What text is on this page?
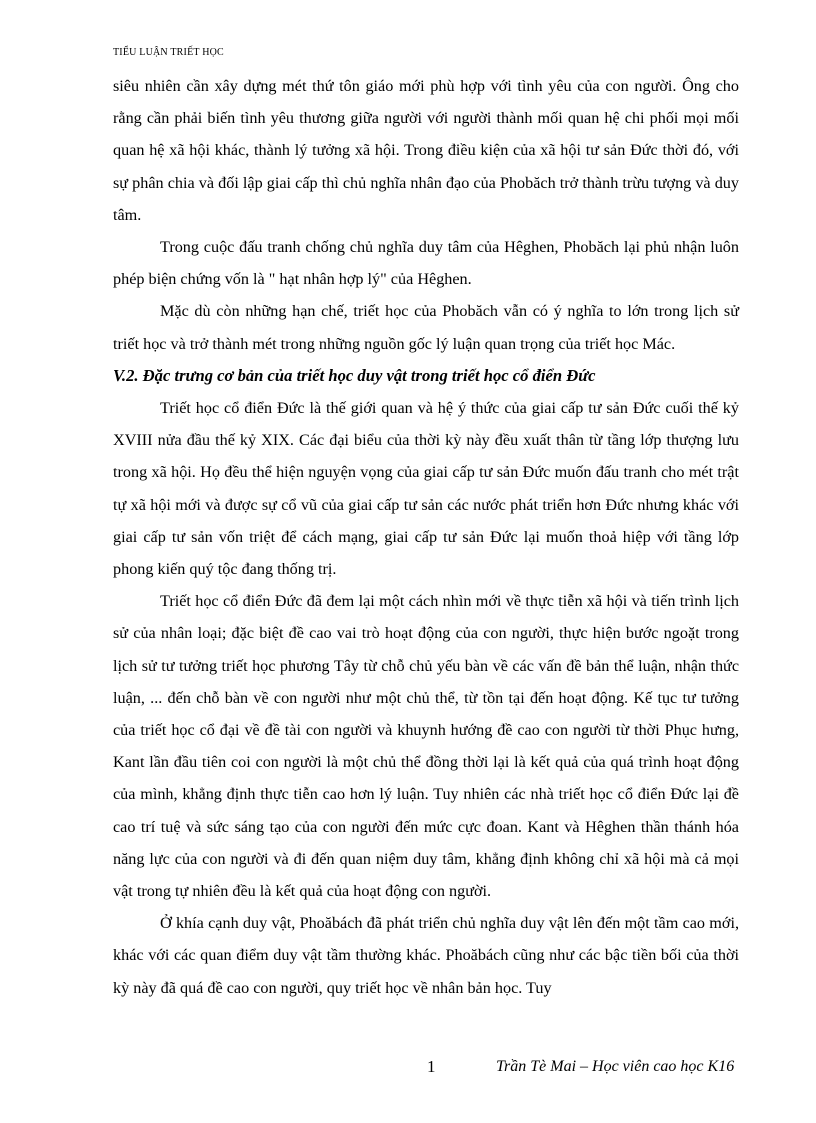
TIỂU LUẬN TRIẾT HỌC

siêu nhiên cần xây dựng mét thứ tôn giáo mới phù hợp với tình yêu của con người. Ông cho rằng cần phải biến tình yêu thương giữa người với người thành mối quan hệ chi phối mọi mối quan hệ xã hội khác, thành lý tưởng xã hội. Trong điều kiện của xã hội tư sản Đức thời đó, với sự phân chia và đối lập giai cấp thì chủ nghĩa nhân đạo của Phobăch trở thành trừu tượng và duy tâm.

Trong cuộc đấu tranh chống chủ nghĩa duy tâm của Hêghen, Phobăch lại phủ nhận luôn phép biện chứng vốn là " hạt nhân hợp lý" của Hêghen.

Mặc dù còn những hạn chế, triết học của Phobăch vẫn có ý nghĩa to lớn trong lịch sử triết học và trở thành mét trong những nguồn gốc lý luận quan trọng của triết học Mác.

V.2. Đặc trưng cơ bản của triết học duy vật trong triết học cổ điển Đức

Triết học cổ điển Đức là thế giới quan và hệ ý thức của giai cấp tư sản Đức cuối thế kỷ XVIII nửa đầu thế kỷ XIX. Các đại biểu của thời kỳ này đều xuất thân từ tầng lớp thượng lưu trong xã hội. Họ đều thể hiện nguyện vọng của giai cấp tư sản Đức muốn đấu tranh cho mét trật tự xã hội mới và được sự cổ vũ của giai cấp tư sản các nước phát triển hơn Đức nhưng khác với giai cấp tư sản vốn triệt để cách mạng, giai cấp tư sản Đức lại muốn thoả hiệp với tầng lớp phong kiến quý tộc đang thống trị.

Triết học cổ điển Đức đã đem lại một cách nhìn mới về thực tiễn xã hội và tiến trình lịch sử của nhân loại; đặc biệt đề cao vai trò hoạt động của con người, thực hiện bước ngoặt trong lịch sử tư tưởng triết học phương Tây từ chỗ chủ yếu bàn về các vấn đề bản thể luận, nhận thức luận, ... đến chỗ bàn về con người như một chủ thể, từ tồn tại đến hoạt động. Kế tục tư tưởng của triết học cổ đại về đề tài con người và khuynh hướng đề cao con người từ thời Phục hưng, Kant lần đầu tiên coi con người là một chủ thể đồng thời lại là kết quả của quá trình hoạt động của mình, khẳng định thực tiễn cao hơn lý luận. Tuy nhiên các nhà triết học cổ điển Đức lại đề cao trí tuệ và sức sáng tạo của con người đến mức cực đoan. Kant và Hêghen thần thánh hóa năng lực của con người và đi đến quan niệm duy tâm, khẳng định không chỉ xã hội mà cả mọi vật trong tự nhiên đều là kết quả của hoạt động con người.

Ở khía cạnh duy vật, Phoăbách đã phát triển chủ nghĩa duy vật lên đến một tầm cao mới, khác với các quan điểm duy vật tầm thường khác. Phoăbách cũng như các bậc tiền bối của thời kỳ này đã quá đề cao con người, quy triết học về nhân bản học. Tuy

1	Trần Tè Mai – Học viên cao học K16
